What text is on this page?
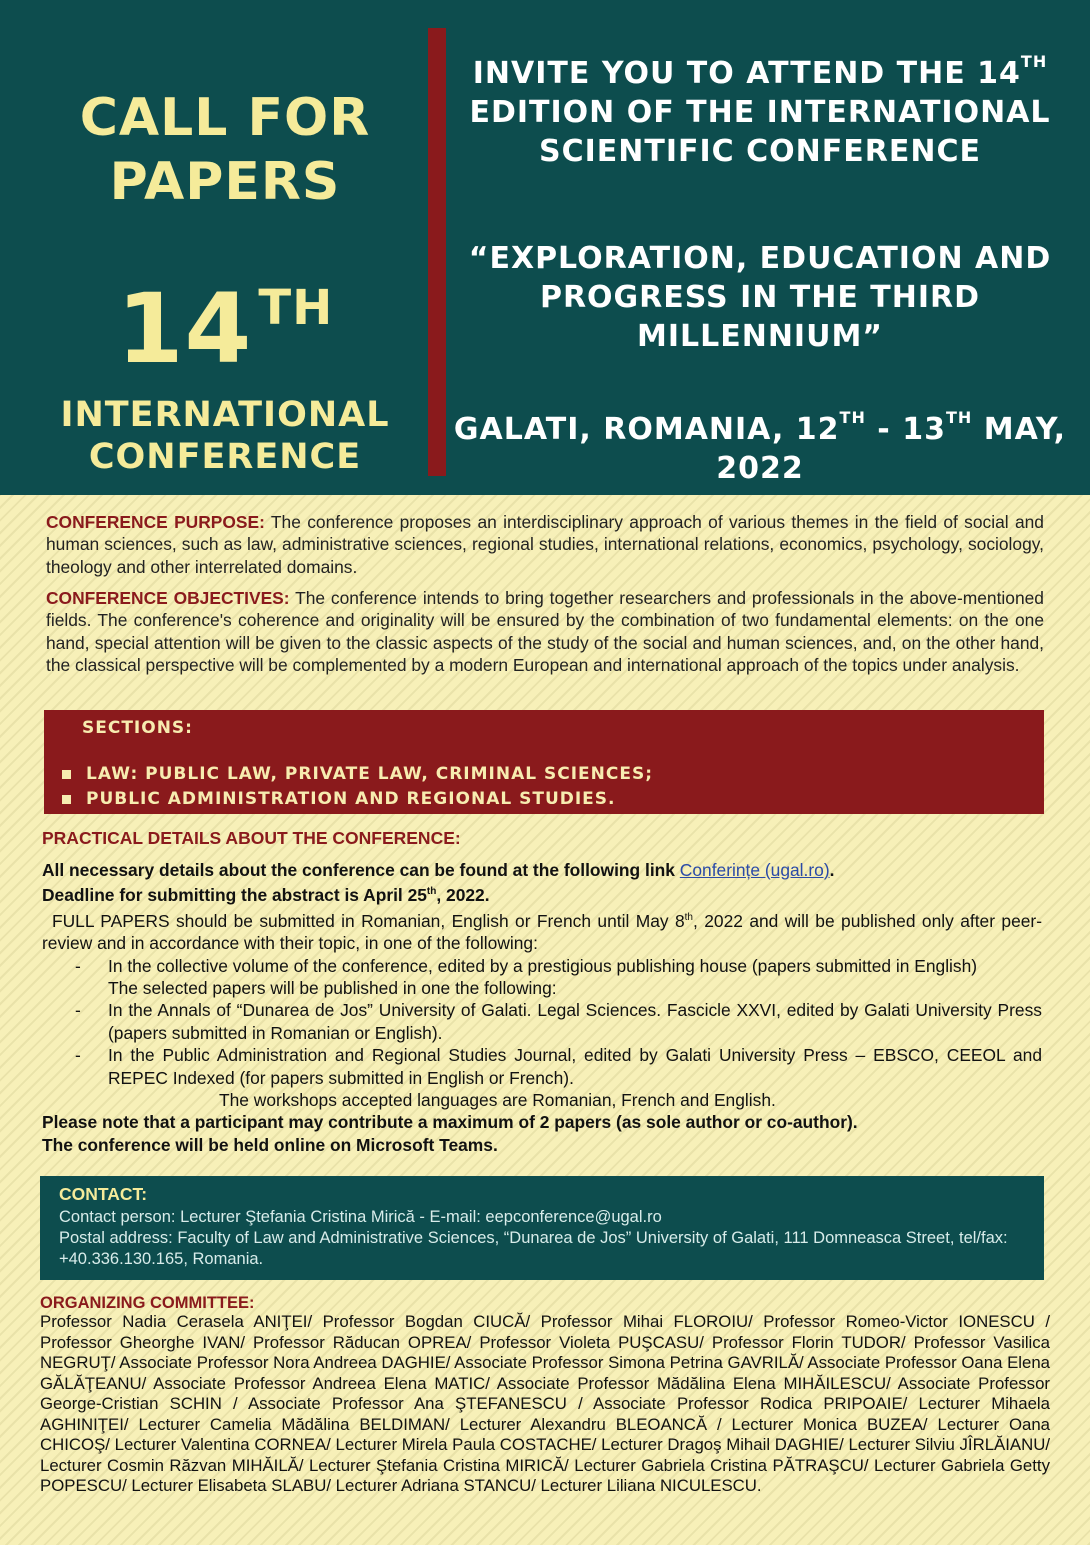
CALL FOR PAPERS
14 $^{TH}$
INTERNATIONAL CONFERENCE
INVITE YOU TO ATTEND THE 14TH EDITION OF THE INTERNATIONAL SCIENTIFIC CONFERENCE
“EXPLORATION, EDUCATION AND PROGRESS IN THE THIRD MILLENNIUM”
GALATI, ROMANIA, 12TH - 13TH MAY, 2022
CONFERENCE PURPOSE: The conference proposes an interdisciplinary approach of various themes in the field of social and human sciences, such as law, administrative sciences, regional studies, international relations, economics, psychology, sociology, theology and other interrelated domains.
CONFERENCE OBJECTIVES: The conference intends to bring together researchers and professionals in the above-mentioned fields. The conference's coherence and originality will be ensured by the combination of two fundamental elements: on the one hand, special attention will be given to the classic aspects of the study of the social and human sciences, and, on the other hand, the classical perspective will be complemented by a modern European and international approach of the topics under analysis.
SECTIONS:
LAW: PUBLIC LAW, PRIVATE LAW, CRIMINAL SCIENCES;
PUBLIC ADMINISTRATION AND REGIONAL STUDIES.
PRACTICAL DETAILS ABOUT THE CONFERENCE:
All necessary details about the conference can be found at the following link Conferințe (ugal.ro).
Deadline for submitting the abstract is April 25th, 2022.
FULL PAPERS should be submitted in Romanian, English or French until May 8th, 2022 and will be published only after peer-review and in accordance with their topic, in one of the following:
-	In the collective volume of the conference, edited by a prestigious publishing house (papers submitted in English)
The selected papers will be published in one the following:
-	In the Annals of “Dunarea de Jos” University of Galati. Legal Sciences. Fascicle XXVI, edited by Galati University Press (papers submitted in Romanian or English).
-	In the Public Administration and Regional Studies Journal, edited by Galati University Press – EBSCO, CEEOL and REPEC Indexed (for papers submitted in English or French).
The workshops accepted languages are Romanian, French and English.
Please note that a participant may contribute a maximum of 2 papers (as sole author or co-author).
The conference will be held online on Microsoft Teams.
CONTACT:
Contact person: Lecturer Ştefania Cristina Mirică - E-mail: eepconference@ugal.ro
Postal address: Faculty of Law and Administrative Sciences, “Dunarea de Jos” University of Galati, 111 Domneasca Street, tel/fax: +40.336.130.165, Romania.
ORGANIZING COMMITTEE:
Professor Nadia Cerasela ANIŢEI/ Professor Bogdan CIUCĂ/ Professor Mihai FLOROIU/ Professor Romeo-Victor IONESCU / Professor Gheorghe IVAN/ Professor Răducan OPREA/ Professor Violeta PUŞCASU/ Professor Florin TUDOR/ Professor Vasilica NEGRUŢ/ Associate Professor Nora Andreea DAGHIE/ Associate Professor Simona Petrina GAVRILĂ/ Associate Professor Oana Elena GĂLĂŢEANU/ Associate Professor Andreea Elena MATIC/ Associate Professor Mădălina Elena MIHĂILESCU/ Associate Professor George-Cristian SCHIN / Associate Professor Ana ŞTEFANESCU / Associate Professor Rodica PRIPOAIE/ Lecturer Mihaela AGHINIŢEI/ Lecturer Camelia Mădălina BELDIMAN/ Lecturer Alexandru BLEOANCĂ / Lecturer Monica BUZEA/ Lecturer Oana CHICOŞ/ Lecturer Valentina CORNEA/ Lecturer Mirela Paula COSTACHE/ Lecturer Dragoş Mihail DAGHIE/ Lecturer Silviu JÎRLĂIANU/ Lecturer Cosmin Răzvan MIHĂILĂ/ Lecturer Ştefania Cristina MIRICĂ/ Lecturer Gabriela Cristina PĂTRAŞCU/ Lecturer Gabriela Getty POPESCU/ Lecturer Elisabeta SLABU/ Lecturer Adriana STANCU/ Lecturer Liliana NICULESCU.
